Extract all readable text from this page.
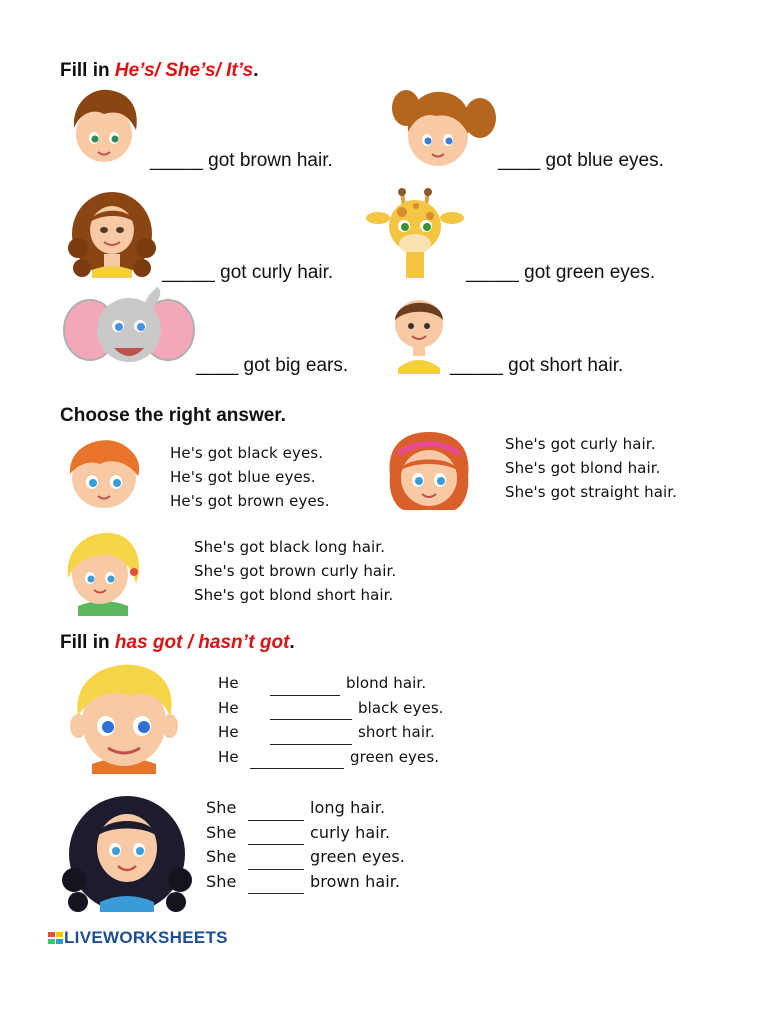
Fill in He’s/ She’s/ It’s.
_____ got brown hair.	____ got blue eyes.
_____ got curly hair.	_____ got green eyes.
____ got big ears.	_____ got short hair.
Choose the right answer.
He's got black eyes.
He's got blue eyes.
He's got brown eyes.
She's got curly hair.
She's got blond hair.
She's got straight hair.
She's got black long hair.
She's got brown curly hair.
She's got blond short hair.
Fill in has got / hasn’t got.
He	blond hair.
He	black eyes.
He	short hair.
He	green eyes.
She	long hair.
She	curly hair.
She	green eyes.
She	brown hair.
LIVEWORKSHEETS
